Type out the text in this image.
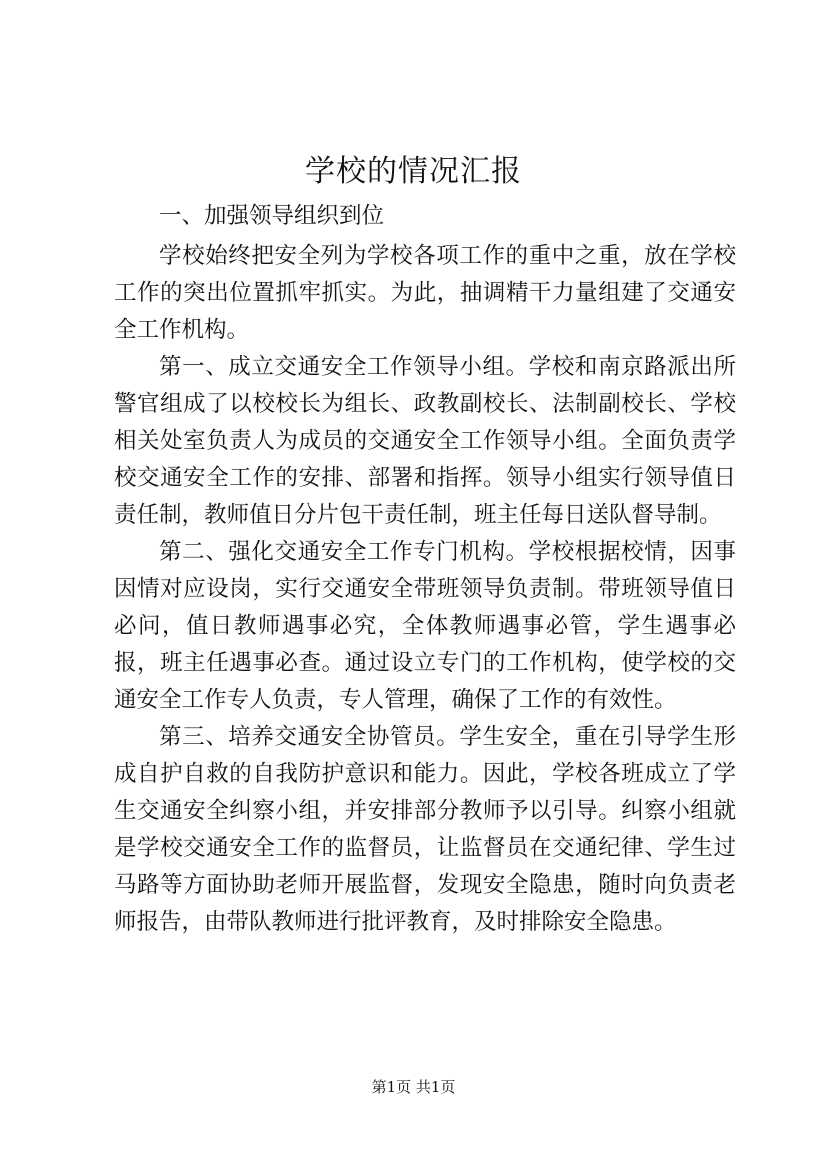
学校的情况汇报

一、加强领导组织到位

学校始终把安全列为学校各项工作的重中之重，放在学校工作的突出位置抓牢抓实。为此，抽调精干力量组建了交通安全工作机构。

第一、成立交通安全工作领导小组。学校和南京路派出所警官组成了以校校长为组长、政教副校长、法制副校长、学校相关处室负责人为成员的交通安全工作领导小组。全面负责学校交通安全工作的安排、部署和指挥。领导小组实行领导值日责任制，教师值日分片包干责任制，班主任每日送队督导制。

第二、强化交通安全工作专门机构。学校根据校情，因事因情对应设岗，实行交通安全带班领导负责制。带班领导值日必问，值日教师遇事必究，全体教师遇事必管，学生遇事必报，班主任遇事必查。通过设立专门的工作机构，使学校的交通安全工作专人负责，专人管理，确保了工作的有效性。

第三、培养交通安全协管员。学生安全，重在引导学生形成自护自救的自我防护意识和能力。因此，学校各班成立了学生交通安全纠察小组，并安排部分教师予以引导。纠察小组就是学校交通安全工作的监督员，让监督员在交通纪律、学生过马路等方面协助老师开展监督，发现安全隐患，随时向负责老师报告，由带队教师进行批评教育，及时排除安全隐患。

第1页 共1页
